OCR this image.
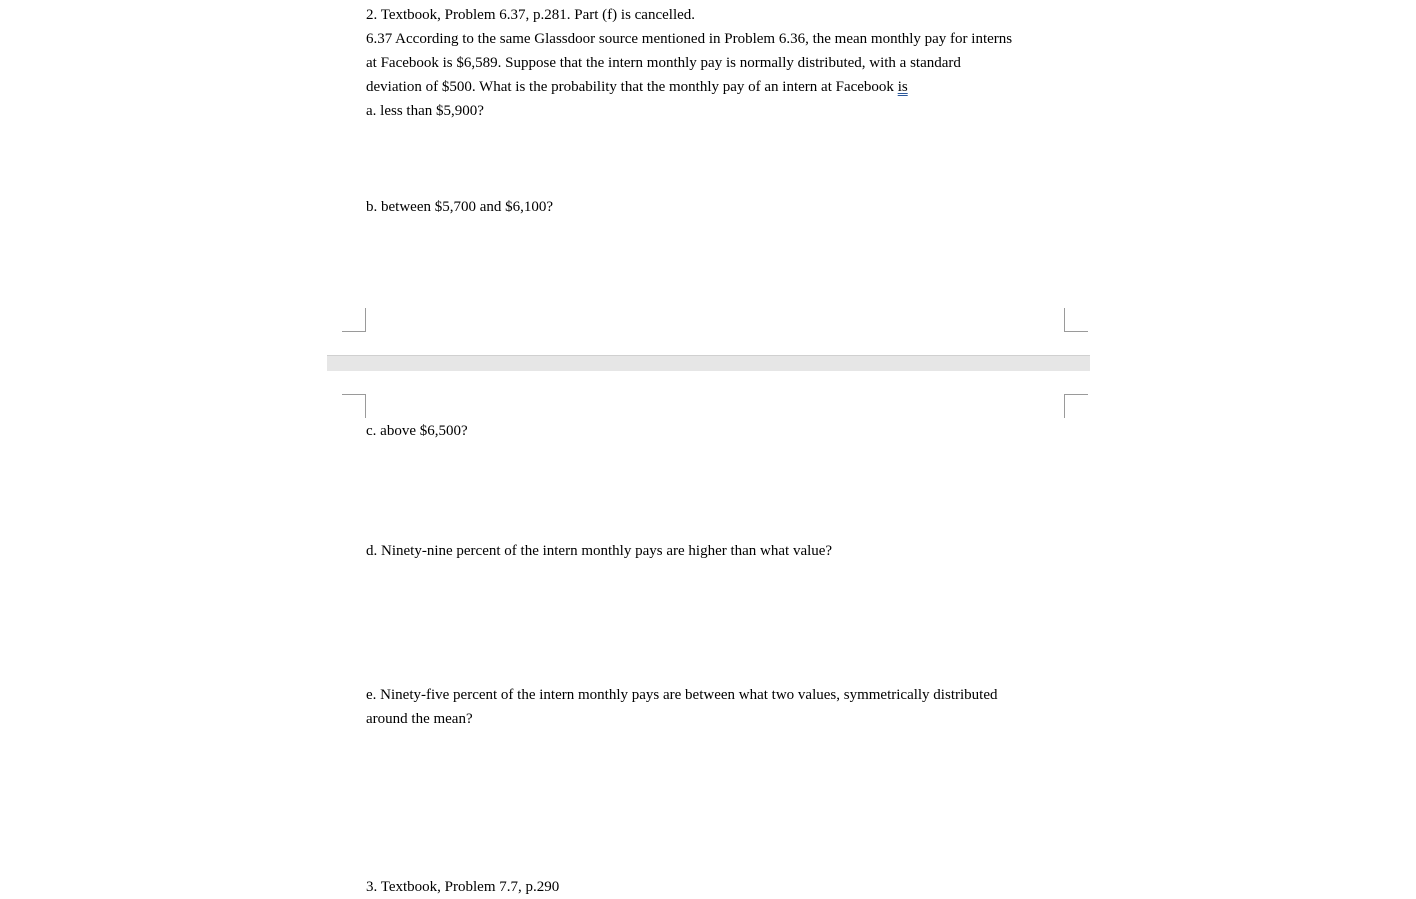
2. Textbook, Problem 6.37, p.281. Part (f) is cancelled.
6.37 According to the same Glassdoor source mentioned in Problem 6.36, the mean monthly pay for interns
at Facebook is $6,589. Suppose that the intern monthly pay is normally distributed, with a standard
deviation of $500. What is the probability that the monthly pay of an intern at Facebook is
a. less than $5,900?
b. between $5,700 and $6,100?
c. above $6,500?
d. Ninety-nine percent of the intern monthly pays are higher than what value?
e. Ninety-five percent of the intern monthly pays are between what two values, symmetrically distributed
around the mean?
3. Textbook, Problem 7.7, p.290
